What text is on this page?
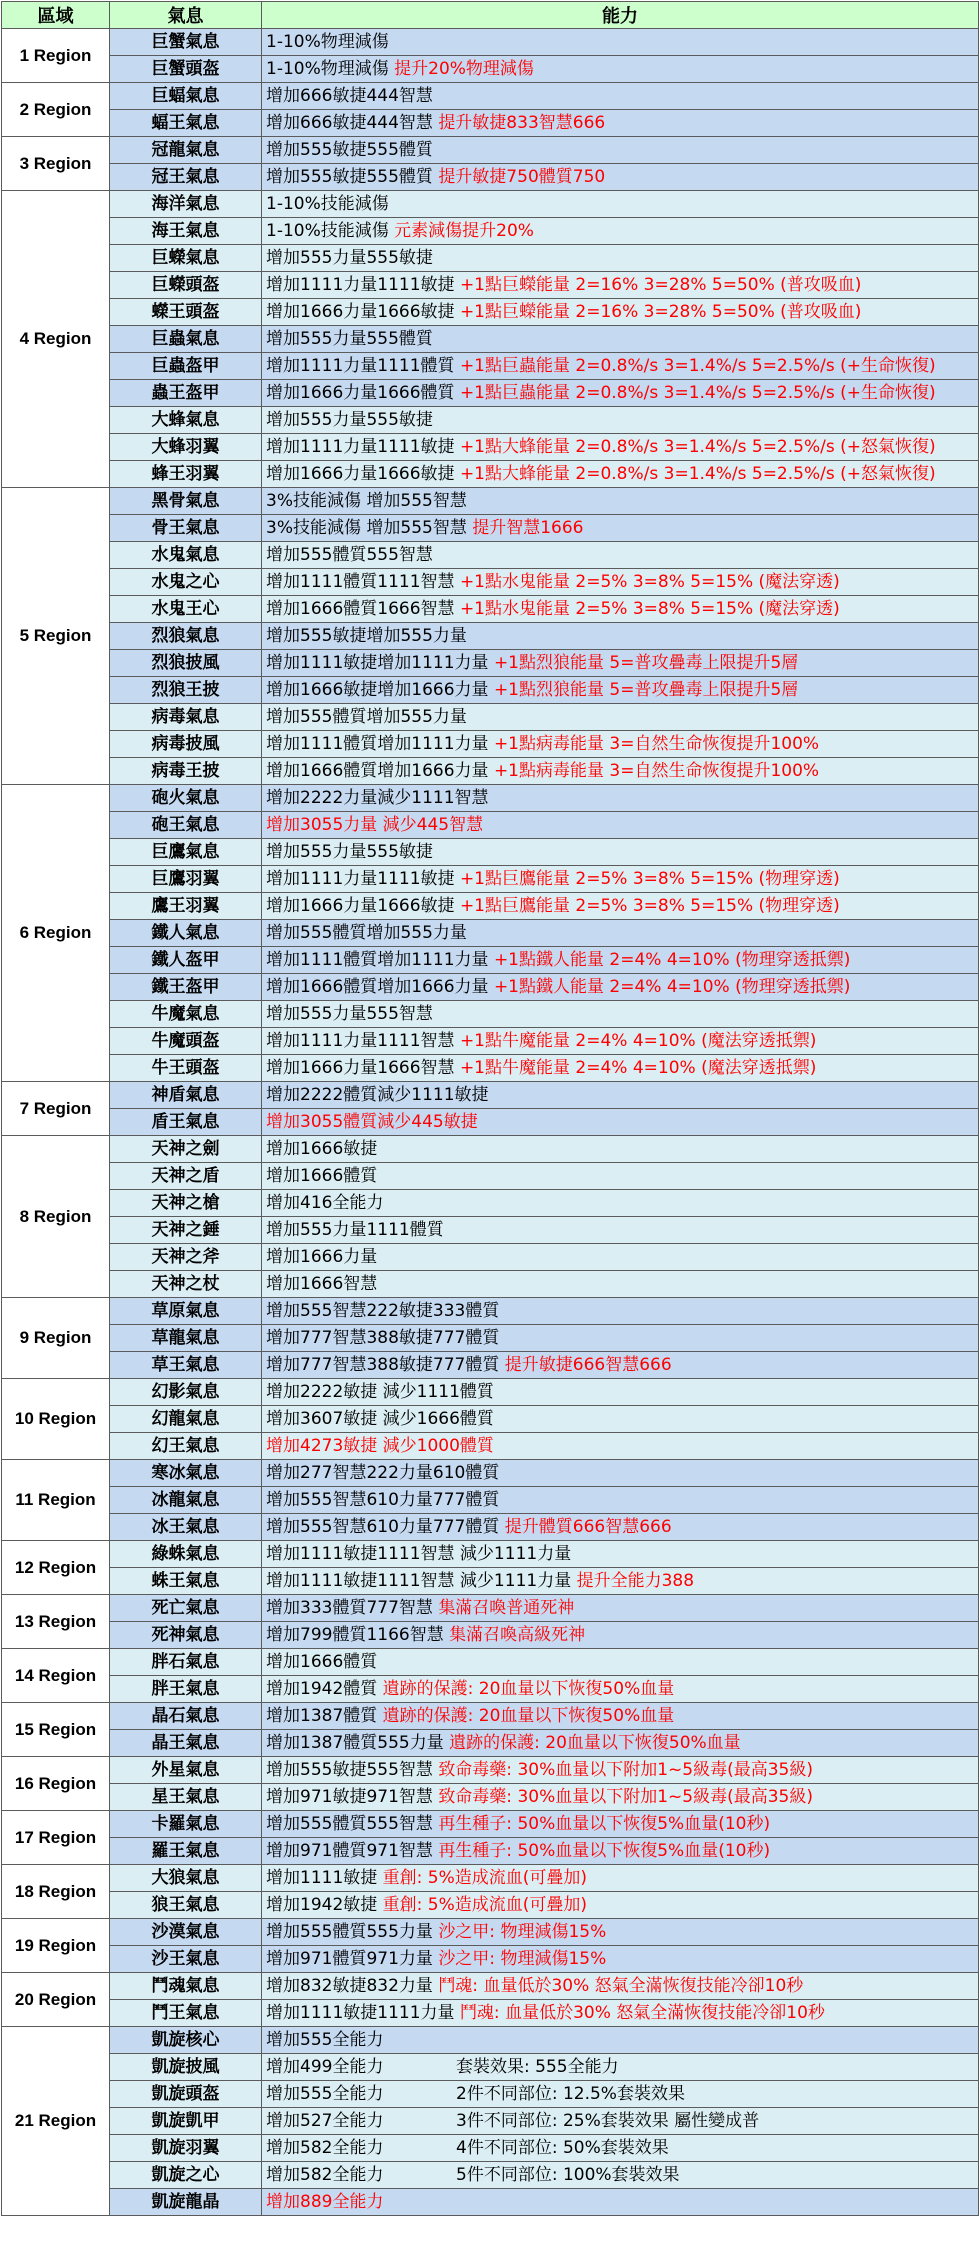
區域	氣息	能力
1 Region	巨蟹氣息	1-10%物理減傷
	巨蟹頭盔	1-10%物理減傷 提升20%物理減傷
2 Region	巨蝠氣息	增加666敏捷444智慧
	蝠王氣息	增加666敏捷444智慧 提升敏捷833智慧666
3 Region	冠龍氣息	增加555敏捷555體質
	冠王氣息	增加555敏捷555體質 提升敏捷750體質750
4 Region	海洋氣息	1-10%技能減傷
	海王氣息	1-10%技能減傷 元素減傷提升20%
	巨蠑氣息	增加555力量555敏捷
	巨蠑頭盔	增加1111力量1111敏捷 +1點巨蠑能量 2=16% 3=28% 5=50% (普攻吸血)
	蠑王頭盔	增加1666力量1666敏捷 +1點巨蠑能量 2=16% 3=28% 5=50% (普攻吸血)
	巨蟲氣息	增加555力量555體質
	巨蟲盔甲	增加1111力量1111體質 +1點巨蟲能量 2=0.8%/s 3=1.4%/s 5=2.5%/s (+生命恢復)
	蟲王盔甲	增加1666力量1666體質 +1點巨蟲能量 2=0.8%/s 3=1.4%/s 5=2.5%/s (+生命恢復)
	大蜂氣息	增加555力量555敏捷
	大蜂羽翼	增加1111力量1111敏捷 +1點大蜂能量 2=0.8%/s 3=1.4%/s 5=2.5%/s (+怒氣恢復)
	蜂王羽翼	增加1666力量1666敏捷 +1點大蜂能量 2=0.8%/s 3=1.4%/s 5=2.5%/s (+怒氣恢復)
5 Region	黑骨氣息	3%技能減傷 增加555智慧
	骨王氣息	3%技能減傷 增加555智慧 提升智慧1666
	水鬼氣息	增加555體質555智慧
	水鬼之心	增加1111體質1111智慧 +1點水鬼能量 2=5% 3=8% 5=15% (魔法穿透)
	水鬼王心	增加1666體質1666智慧 +1點水鬼能量 2=5% 3=8% 5=15% (魔法穿透)
	烈狼氣息	增加555敏捷增加555力量
	烈狼披風	增加1111敏捷增加1111力量 +1點烈狼能量 5=普攻疊毒上限提升5層
	烈狼王披	增加1666敏捷增加1666力量 +1點烈狼能量 5=普攻疊毒上限提升5層
	病毒氣息	增加555體質增加555力量
	病毒披風	增加1111體質增加1111力量 +1點病毒能量 3=自然生命恢復提升100%
	病毒王披	增加1666體質增加1666力量 +1點病毒能量 3=自然生命恢復提升100%
6 Region	砲火氣息	增加2222力量減少1111智慧
	砲王氣息	增加3055力量 減少445智慧
	巨鷹氣息	增加555力量555敏捷
	巨鷹羽翼	增加1111力量1111敏捷 +1點巨鷹能量 2=5% 3=8% 5=15% (物理穿透)
	鷹王羽翼	增加1666力量1666敏捷 +1點巨鷹能量 2=5% 3=8% 5=15% (物理穿透)
	鐵人氣息	增加555體質增加555力量
	鐵人盔甲	增加1111體質增加1111力量 +1點鐵人能量 2=4% 4=10% (物理穿透抵禦)
	鐵王盔甲	增加1666體質增加1666力量 +1點鐵人能量 2=4% 4=10% (物理穿透抵禦)
	牛魔氣息	增加555力量555智慧
	牛魔頭盔	增加1111力量1111智慧 +1點牛魔能量 2=4% 4=10% (魔法穿透抵禦)
	牛王頭盔	增加1666力量1666智慧 +1點牛魔能量 2=4% 4=10% (魔法穿透抵禦)
7 Region	神盾氣息	增加2222體質減少1111敏捷
	盾王氣息	增加3055體質減少445敏捷
8 Region	天神之劍	增加1666敏捷
	天神之盾	增加1666體質
	天神之槍	增加416全能力
	天神之錘	增加555力量1111體質
	天神之斧	增加1666力量
	天神之杖	增加1666智慧
9 Region	草原氣息	增加555智慧222敏捷333體質
	草龍氣息	增加777智慧388敏捷777體質
	草王氣息	增加777智慧388敏捷777體質 提升敏捷666智慧666
10 Region	幻影氣息	增加2222敏捷 減少1111體質
	幻龍氣息	增加3607敏捷 減少1666體質
	幻王氣息	增加4273敏捷 減少1000體質
11 Region	寒冰氣息	增加277智慧222力量610體質
	冰龍氣息	增加555智慧610力量777體質
	冰王氣息	增加555智慧610力量777體質 提升體質666智慧666
12 Region	綠蛛氣息	增加1111敏捷1111智慧 減少1111力量
	蛛王氣息	增加1111敏捷1111智慧 減少1111力量 提升全能力388
13 Region	死亡氣息	增加333體質777智慧 集滿召喚普通死神
	死神氣息	增加799體質1166智慧 集滿召喚高級死神
14 Region	胖石氣息	增加1666體質
	胖王氣息	增加1942體質 遺跡的保護: 20血量以下恢復50%血量
15 Region	晶石氣息	增加1387體質 遺跡的保護: 20血量以下恢復50%血量
	晶王氣息	增加1387體質555力量 遺跡的保護: 20血量以下恢復50%血量
16 Region	外星氣息	增加555敏捷555智慧 致命毒藥: 30%血量以下附加1~5級毒(最高35級)
	星王氣息	增加971敏捷971智慧 致命毒藥: 30%血量以下附加1~5級毒(最高35級)
17 Region	卡羅氣息	增加555體質555智慧 再生種子: 50%血量以下恢復5%血量(10秒)
	羅王氣息	增加971體質971智慧 再生種子: 50%血量以下恢復5%血量(10秒)
18 Region	大狼氣息	增加1111敏捷 重創: 5%造成流血(可疊加)
	狼王氣息	增加1942敏捷 重創: 5%造成流血(可疊加)
19 Region	沙漠氣息	增加555體質555力量 沙之甲: 物理減傷15%
	沙王氣息	增加971體質971力量 沙之甲: 物理減傷15%
20 Region	鬥魂氣息	增加832敏捷832力量 鬥魂: 血量低於30% 怒氣全滿恢復技能冷卻10秒
	鬥王氣息	增加1111敏捷1111力量 鬥魂: 血量低於30% 怒氣全滿恢復技能冷卻10秒
21 Region	凱旋核心	增加555全能力
	凱旋披風	增加499全能力 套裝效果: 555全能力
	凱旋頭盔	增加555全能力 2件不同部位: 12.5%套裝效果
	凱旋凱甲	增加527全能力 3件不同部位: 25%套裝效果 屬性變成普
	凱旋羽翼	增加582全能力 4件不同部位: 50%套裝效果
	凱旋之心	增加582全能力 5件不同部位: 100%套裝效果
	凱旋龍晶	增加889全能力
